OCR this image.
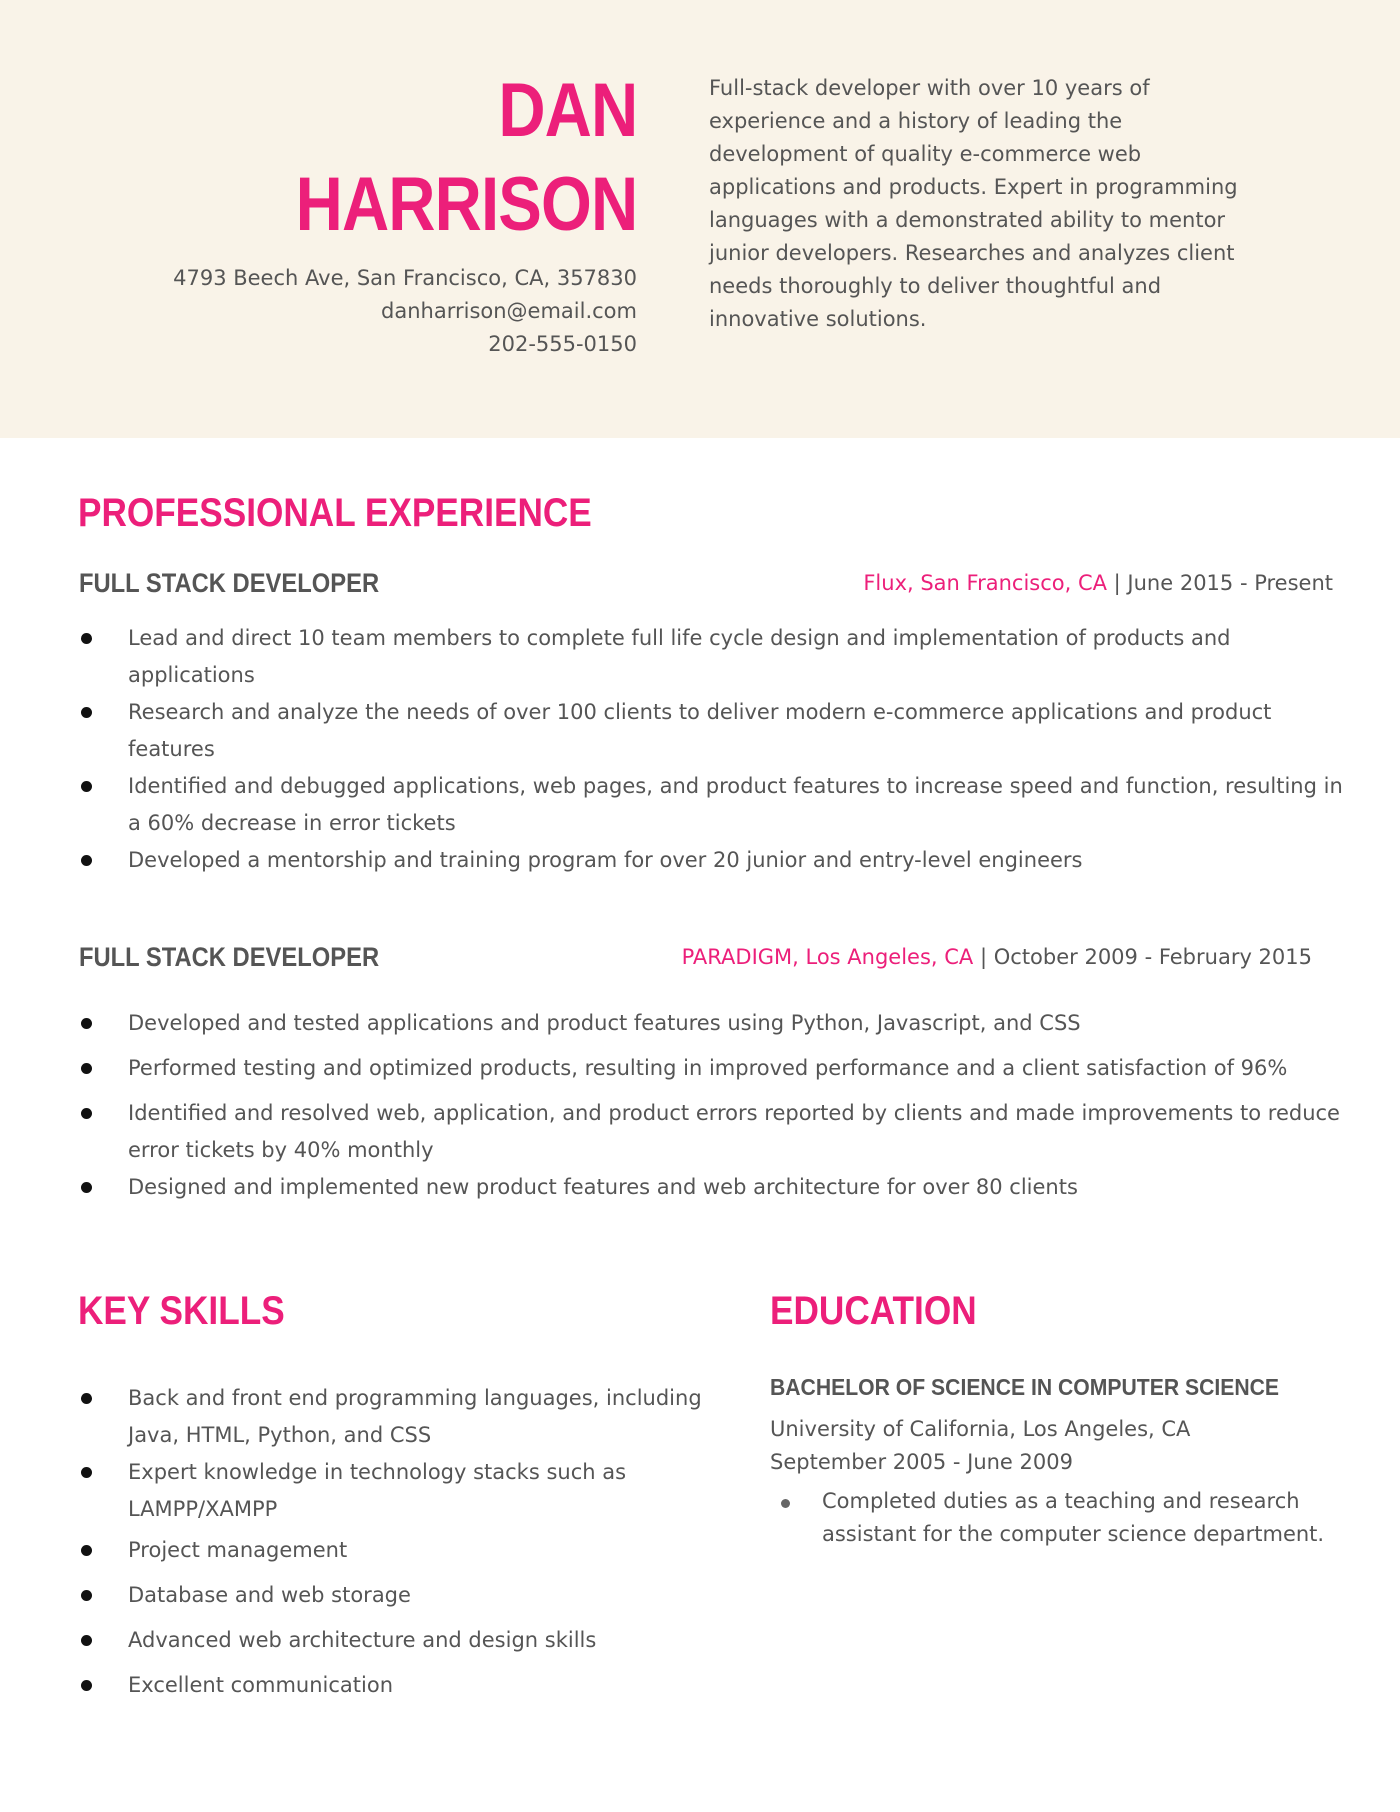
DAN
HARRISON
4793 Beech Ave, San Francisco, CA, 357830
danharrison@email.com
202-555-0150
Full-stack developer with over 10 years of experience and a history of leading the development of quality e-commerce web applications and products. Expert in programming languages with a demonstrated ability to mentor junior developers. Researches and analyzes client needs thoroughly to deliver thoughtful and innovative solutions.
PROFESSIONAL EXPERIENCE
FULL STACK DEVELOPER	Flux, San Francisco, CA | June 2015 - Present
Lead and direct 10 team members to complete full life cycle design and implementation of products and applications
Research and analyze the needs of over 100 clients to deliver modern e-commerce applications and product features
Identified and debugged applications, web pages, and product features to increase speed and function, resulting in a 60% decrease in error tickets
Developed a mentorship and training program for over 20 junior and entry-level engineers
FULL STACK DEVELOPER	PARADIGM, Los Angeles, CA | October 2009 - February 2015
Developed and tested applications and product features using Python, Javascript, and CSS
Performed testing and optimized products, resulting in improved performance and a client satisfaction of 96%
Identified and resolved web, application, and product errors reported by clients and made improvements to reduce error tickets by 40% monthly
Designed and implemented new product features and web architecture for over 80 clients
KEY SKILLS
Back and front end programming languages, including Java, HTML, Python, and CSS
Expert knowledge in technology stacks such as LAMPP/XAMPP
Project management
Database and web storage
Advanced web architecture and design skills
Excellent communication
EDUCATION
BACHELOR OF SCIENCE IN COMPUTER SCIENCE
University of California, Los Angeles, CA
September 2005 - June 2009
Completed duties as a teaching and research assistant for the computer science department.
